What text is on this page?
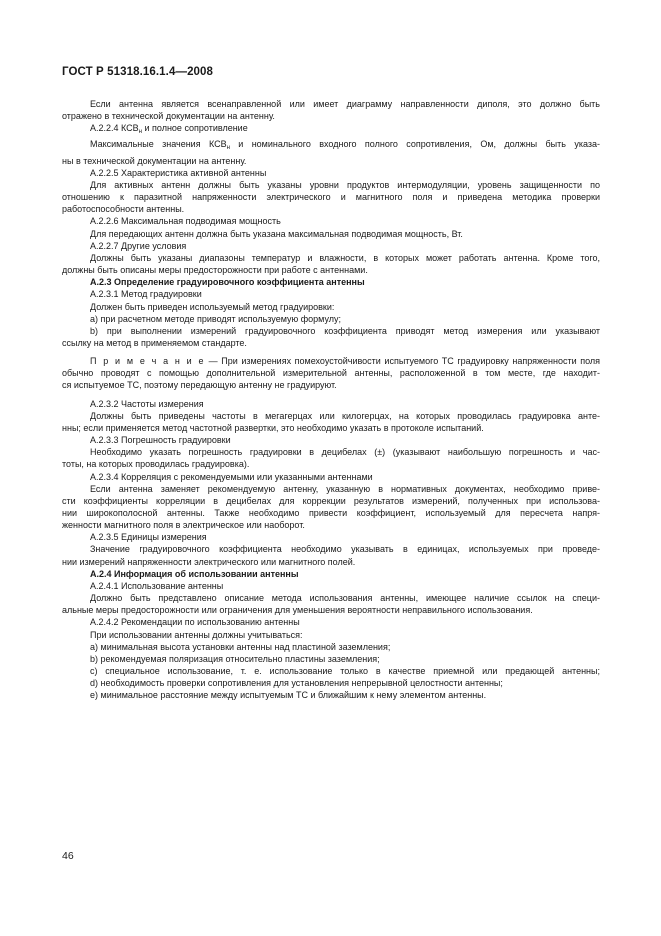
ГОСТ Р 51318.16.1.4—2008
Если антенна является всенаправленной или имеет диаграмму направленности диполя, это должно быть
отражено в технической документации на антенну.
А.2.2.4 $КСВ_н$ и полное сопротивление
Максимальные значения $КСВ_н$ и номинального входного полного сопротивления, Ом, должны быть указа-
ны в технической документации на антенну.
А.2.2.5 Характеристика активной антенны
Для активных антенн должны быть указаны уровни продуктов интермодуляции, уровень защищенности по
отношению к паразитной напряженности электрического и магнитного поля и приведена методика проверки
работоспособности антенны.
А.2.2.6 Максимальная подводимая мощность
Для передающих антенн должна быть указана максимальная подводимая мощность, Вт.
А.2.2.7 Другие условия
Должны быть указаны диапазоны температур и влажности, в которых может работать антенна. Кроме того,
должны быть описаны меры предосторожности при работе с антеннами.
А.2.3 Определение градуировочного коэффициента антенны
А.2.3.1 Метод градуировки
Должен быть приведен используемый метод градуировки:
а) при расчетном методе приводят используемую формулу;
b) при выполнении измерений градуировочного коэффициента приводят метод измерения или указывают
ссылку на метод в применяемом стандарте.
П р и м е ч а н и е — При измерениях помехоустойчивости испытуемого ТС градуировку напряженности поля
обычно проводят с помощью дополнительной измерительной антенны, расположенной в том месте, где находит-
ся испытуемое ТС, поэтому передающую антенну не градуируют.
А.2.3.2 Частоты измерения
Должны быть приведены частоты в мегагерцах или килогерцах, на которых проводилась градуировка анте-
нны; если применяется метод частотной развертки, это необходимо указать в протоколе испытаний.
А.2.3.3 Погрешность градуировки
Необходимо указать погрешность градуировки в децибелах (±) (указывают наибольшую погрешность и час-
тоты, на которых проводилась градуировка).
А.2.3.4 Корреляция с рекомендуемыми или указанными антеннами
Если антенна заменяет рекомендуемую антенну, указанную в нормативных документах, необходимо приве-
сти коэффициенты корреляции в децибелах для коррекции результатов измерений, полученных при использова-
нии широкополосной антенны. Также необходимо привести коэффициент, используемый для пересчета напря-
женности магнитного поля в электрическое или наоборот.
А.2.3.5 Единицы измерения
Значение градуировочного коэффициента необходимо указывать в единицах, используемых при проведе-
нии измерений напряженности электрического или магнитного полей.
А.2.4 Информация об использовании антенны
А.2.4.1 Использование антенны
Должно быть представлено описание метода использования антенны, имеющее наличие ссылок на специ-
альные меры предосторожности или ограничения для уменьшения вероятности неправильного использования.
А.2.4.2 Рекомендации по использованию антенны
При использовании антенны должны учитываться:
а) минимальная высота установки антенны над пластиной заземления;
b) рекомендуемая поляризация относительно пластины заземления;
c) специальное использование, т. е. использование только в качестве приемной или предающей антенны;
d) необходимость проверки сопротивления для установления непрерывной целостности антенны;
e) минимальное расстояние между испытуемым ТС и ближайшим к нему элементом антенны.
46
